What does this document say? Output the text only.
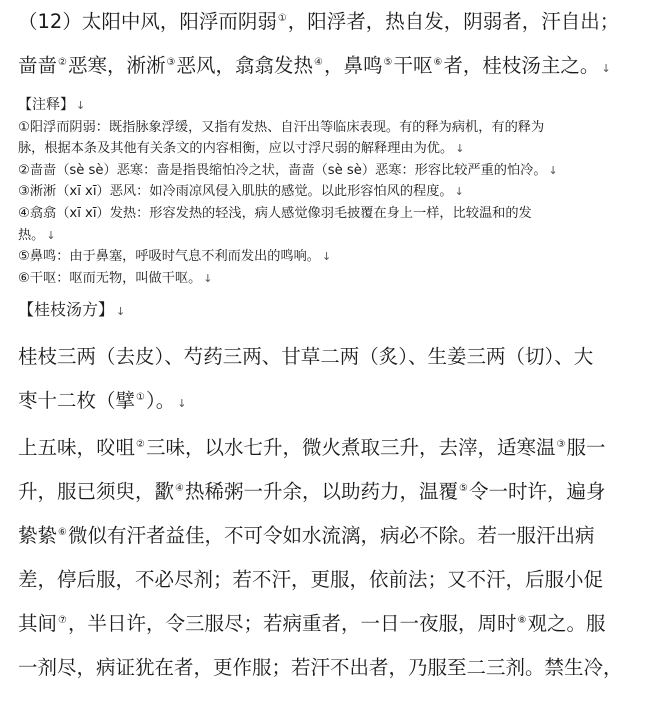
（12）太阳中风，阳浮而阴弱①，阳浮者，热自发，阴弱者，汗自出；

啬啬②恶寒，淅淅③恶风，翕翕发热④，鼻鸣⑤干呕⑥者，桂枝汤主之。 ↓

【注释】 ↓

①阳浮而阴弱：既指脉象浮缓，又指有发热、自汗出等临床表现。有的释为病机，有的释为

脉，根据本条及其他有关条文的内容相衡，应以寸浮尺弱的解释理由为优。 ↓

②啬啬（sè sè）恶寒：啬是指畏缩怕冷之状，啬啬（sè sè）恶寒：形容比较严重的怕冷。 ↓

③淅淅（xī xī）恶风：如冷雨凉风侵入肌肤的感觉。以此形容怕风的程度。 ↓

④翕翕（xī xī）发热：形容发热的轻浅，病人感觉像羽毛披覆在身上一样，比较温和的发

热。 ↓

⑤鼻鸣：由于鼻塞，呼吸时气息不利而发出的鸣响。 ↓

⑥干呕：呕而无物，叫做干呕。 ↓

【桂枝汤方】 ↓

桂枝三两（去皮）、芍药三两、甘草二两（炙）、生姜三两（切）、大

枣十二枚（擘①）。 ↓

上五味，㕮咀②三味，以水七升，微火煮取三升，去滓，适寒温③服一

升，服已须臾，歠④热稀粥一升余，以助药力，温覆⑤令一时许，遍身

絷絷⑥微似有汗者益佳，不可令如水流漓，病必不除。若一服汗出病

差，停后服，不必尽剂；若不汗，更服，依前法；又不汗，后服小促

其间⑦，半日许，令三服尽；若病重者，一日一夜服，周时⑧观之。服

一剂尽，病证犹在者，更作服；若汗不出者，乃服至二三剂。禁生冷，
